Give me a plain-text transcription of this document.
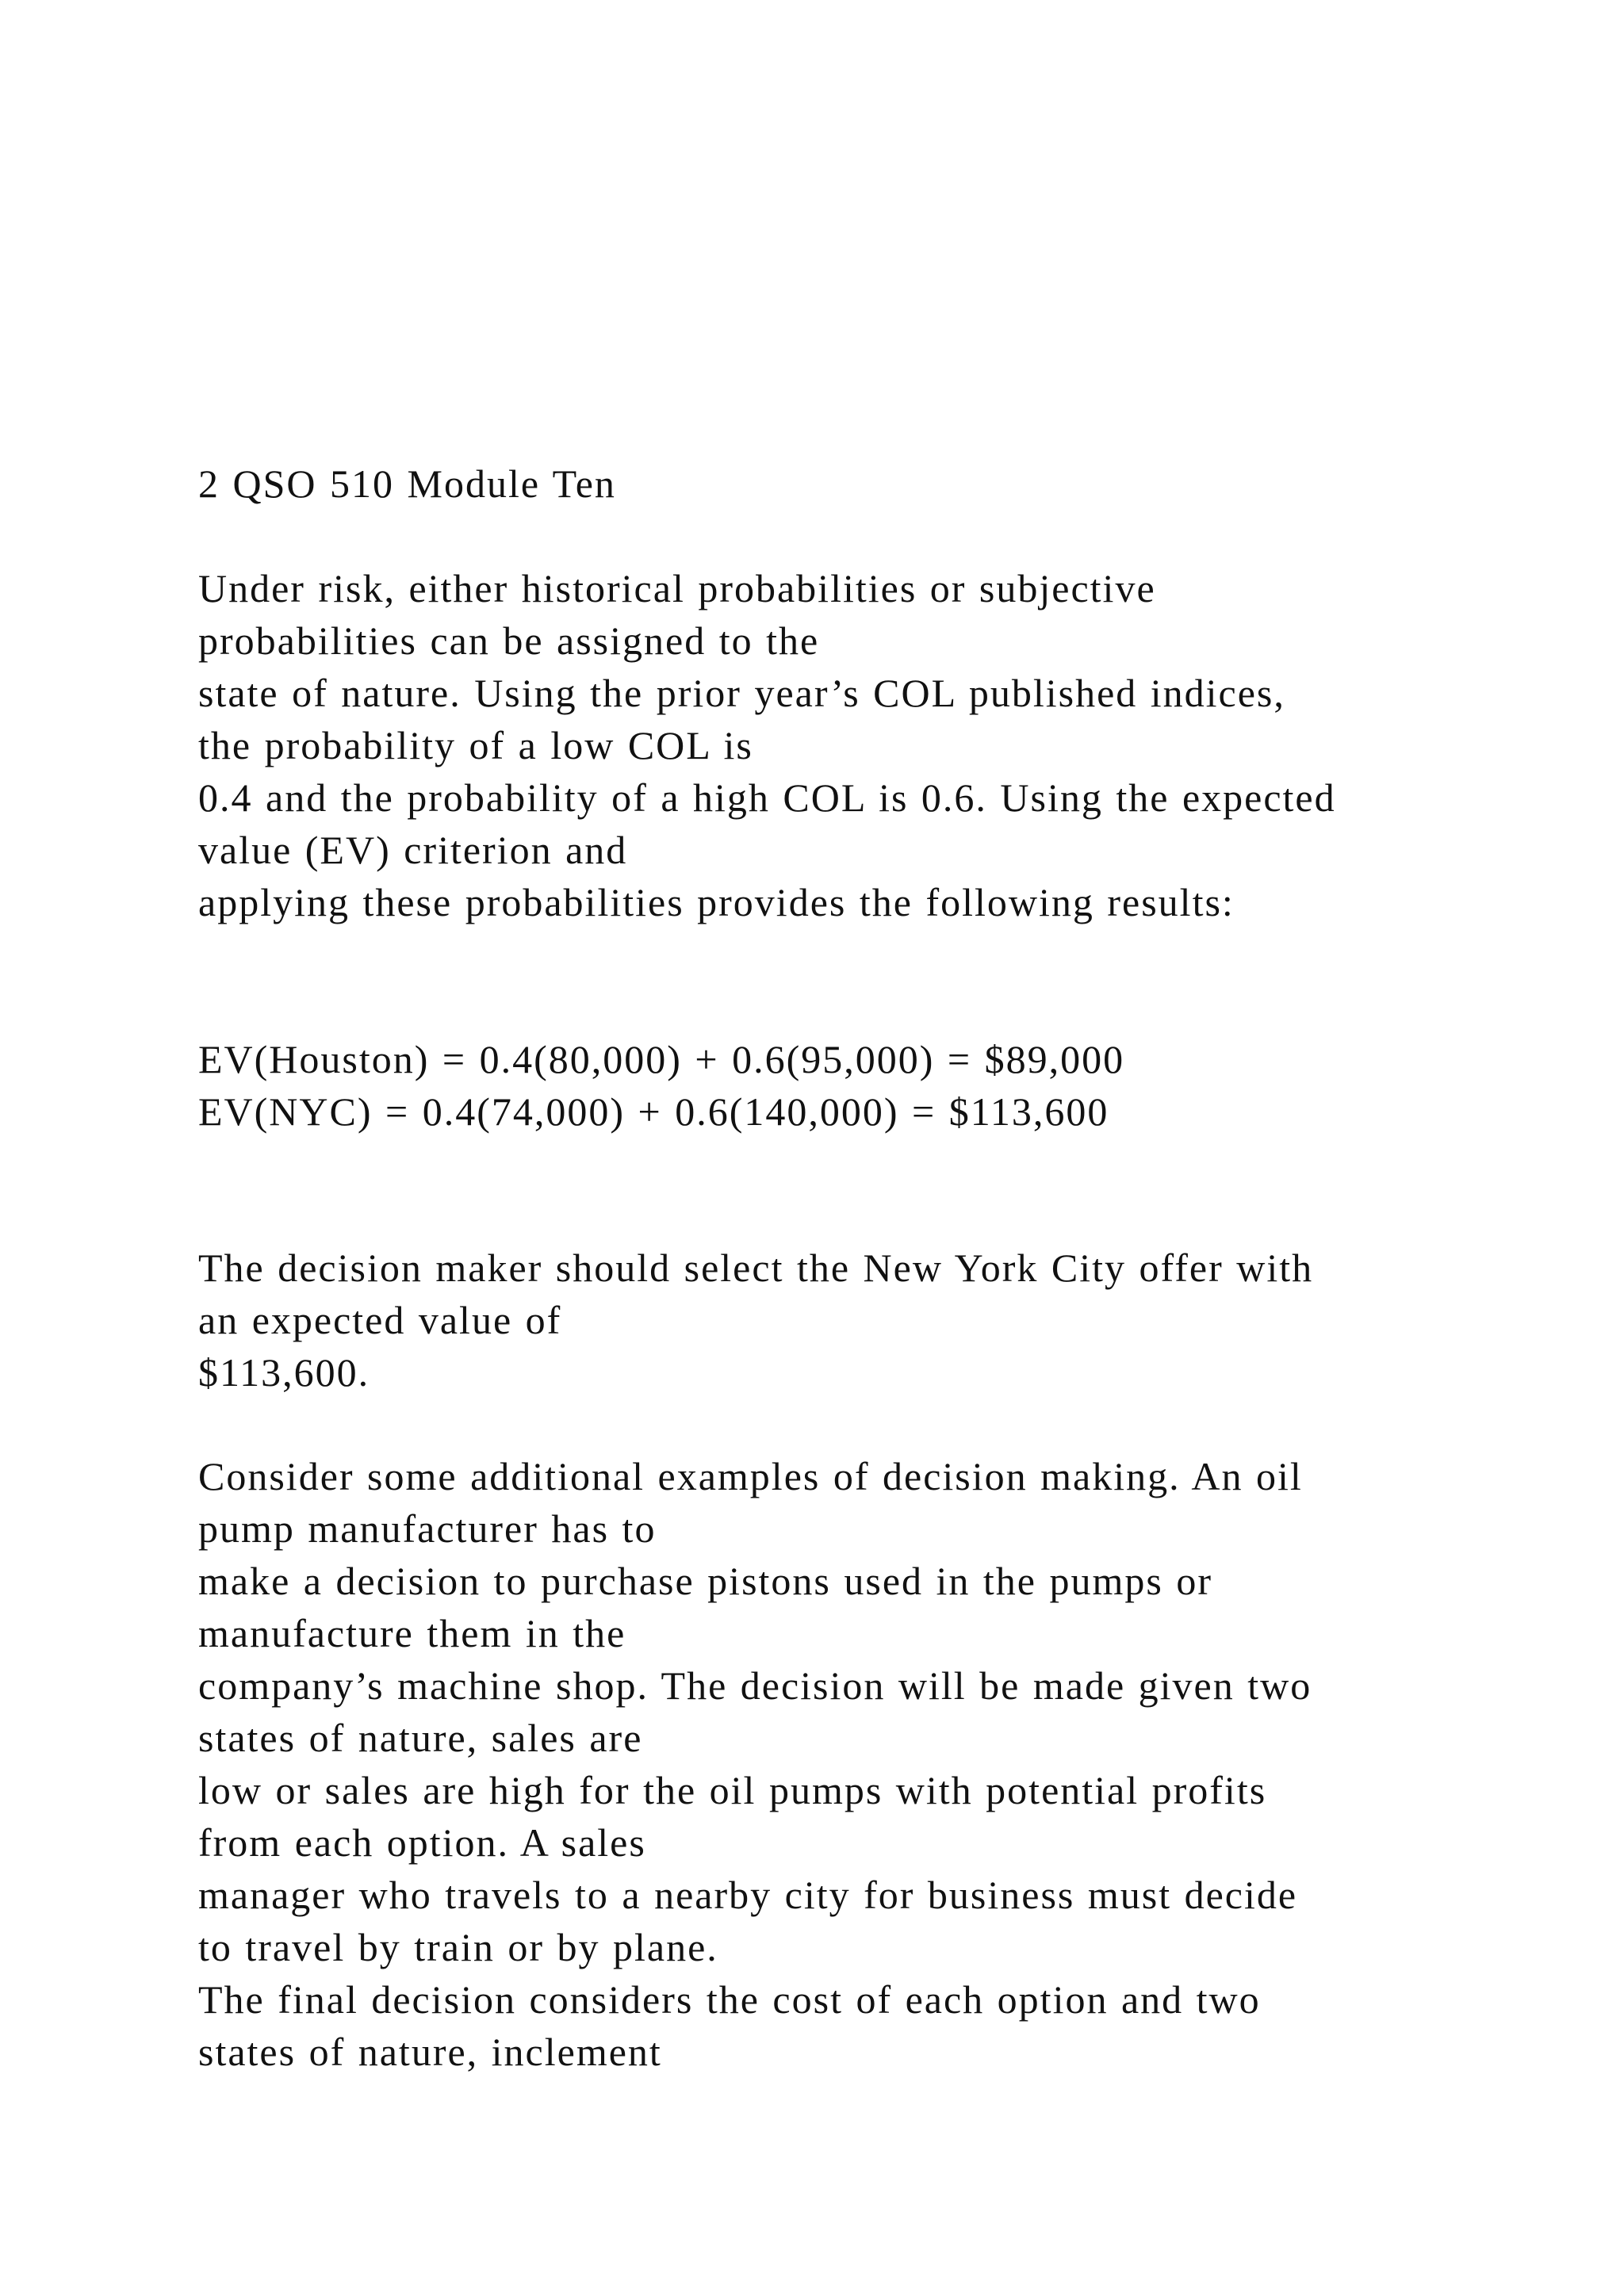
2 QSO 510 Module Ten
Under risk, either historical probabilities or subjective
probabilities can be assigned to the
state of nature. Using the prior year’s COL published indices,
the probability of a low COL is
0.4 and the probability of a high COL is 0.6. Using the expected
value (EV) criterion and
applying these probabilities provides the following results:
EV(Houston) = 0.4(80,000) + 0.6(95,000) = $89,000
EV(NYC) = 0.4(74,000) + 0.6(140,000) = $113,600
The decision maker should select the New York City offer with
an expected value of
$113,600.
Consider some additional examples of decision making. An oil
pump manufacturer has to
make a decision to purchase pistons used in the pumps or
manufacture them in the
company’s machine shop. The decision will be made given two
states of nature, sales are
low or sales are high for the oil pumps with potential profits
from each option. A sales
manager who travels to a nearby city for business must decide
to travel by train or by plane.
The final decision considers the cost of each option and two
states of nature, inclement
